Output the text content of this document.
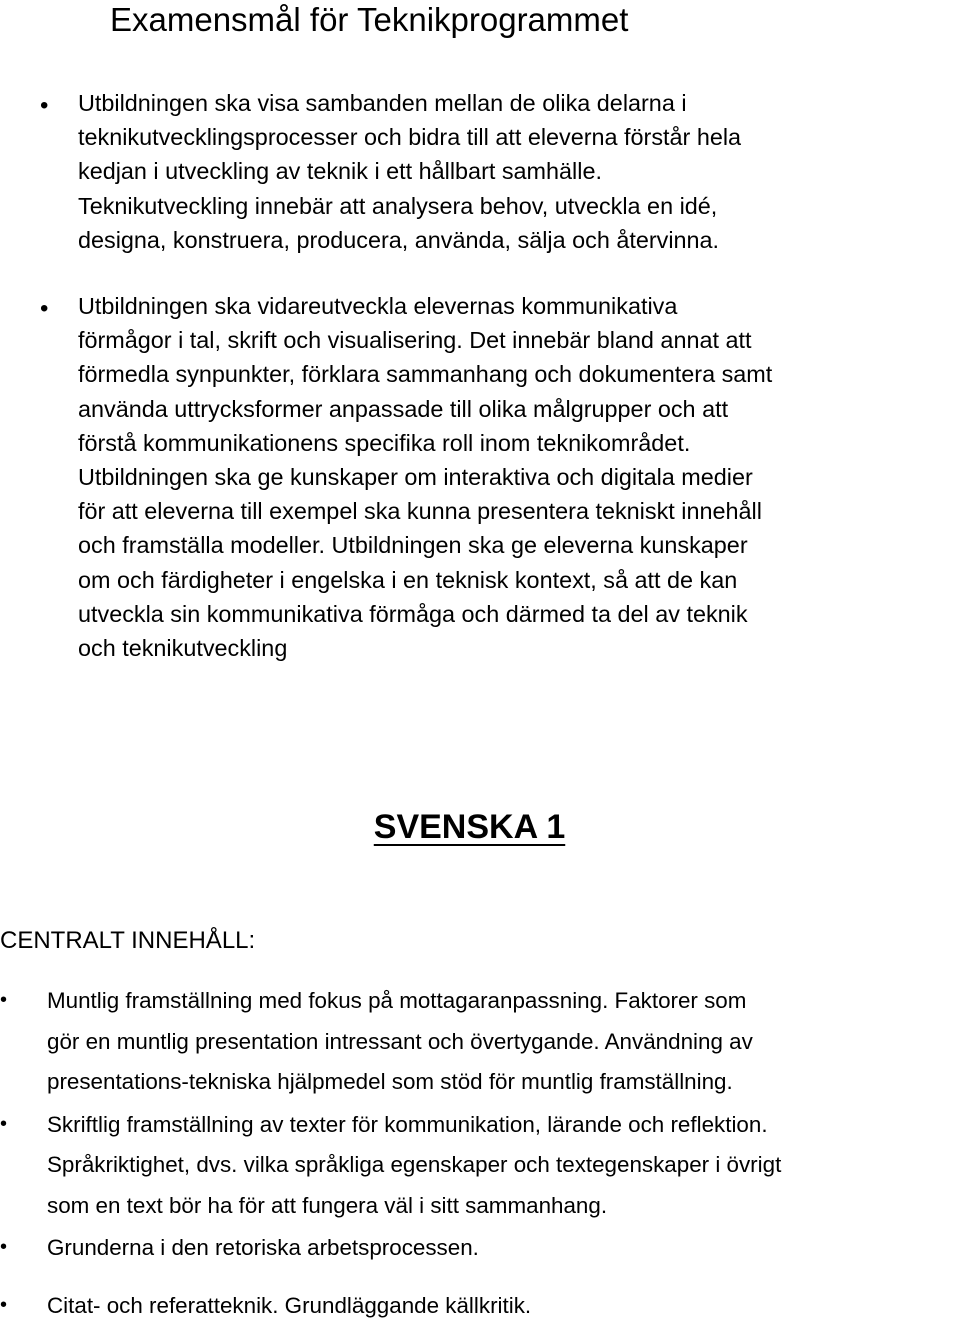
Examensmål för Teknikprogrammet
• Utbildningen ska visa sambanden mellan de olika delarna i
teknikutvecklingsprocesser och bidra till att eleverna förstår hela
kedjan i utveckling av teknik i ett hållbart samhälle.
Teknikutveckling innebär att analysera behov, utveckla en idé,
designa, konstruera, producera, använda, sälja och återvinna.
• Utbildningen ska vidareutveckla elevernas kommunikativa
förmågor i tal, skrift och visualisering. Det innebär bland annat att
förmedla synpunkter, förklara sammanhang och dokumentera samt
använda uttrycksformer anpassade till olika målgrupper och att
förstå kommunikationens specifika roll inom teknikområdet.
Utbildningen ska ge kunskaper om interaktiva och digitala medier
för att eleverna till exempel ska kunna presentera tekniskt innehåll
och framställa modeller. Utbildningen ska ge eleverna kunskaper
om och färdigheter i engelska i en teknisk kontext, så att de kan
utveckla sin kommunikativa förmåga och därmed ta del av teknik
och teknikutveckling
SVENSKA 1
CENTRALT INNEHÅLL:
• Muntlig framställning med fokus på mottagaranpassning. Faktorer som
gör en muntlig presentation intressant och övertygande. Användning av
presentations-tekniska hjälpmedel som stöd för muntlig framställning.
• Skriftlig framställning av texter för kommunikation, lärande och reflektion.
Språkriktighet, dvs. vilka språkliga egenskaper och textegenskaper i övrigt
som en text bör ha för att fungera väl i sitt sammanhang.
• Grunderna i den retoriska arbetsprocessen.
• Citat- och referatteknik. Grundläggande källkritik.
